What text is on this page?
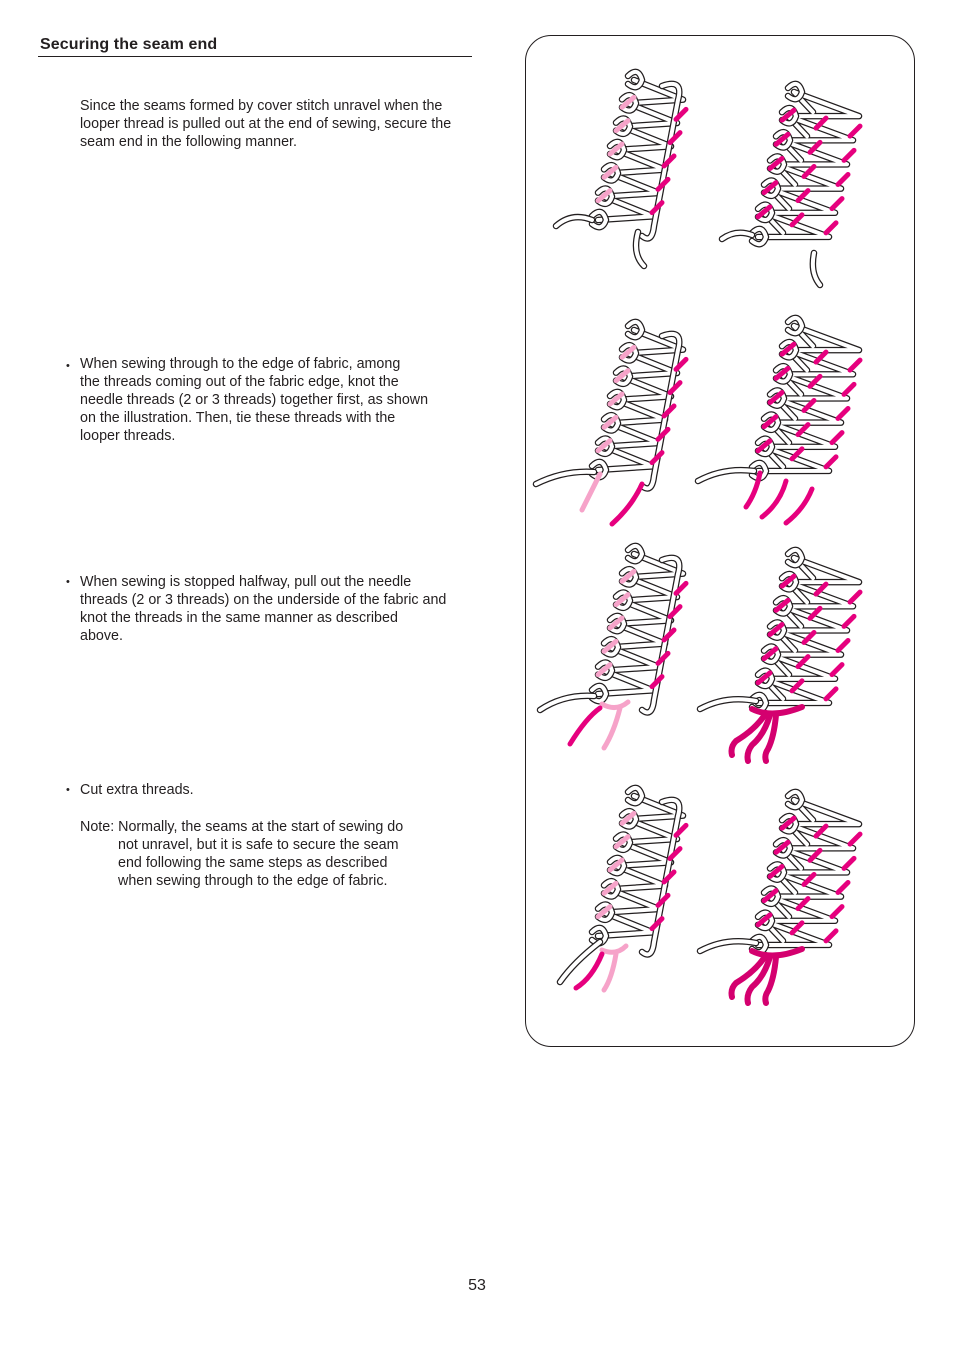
Securing the seam end
Since the seams formed by cover stitch unravel when the
looper thread is pulled out at the end of sewing, secure the
seam end in the following manner.
• When sewing through to the edge of fabric, among
the threads coming out of the fabric edge, knot the
needle threads (2 or 3 threads) together first, as shown
on the illustration. Then, tie these threads with the
looper threads.
• When sewing is stopped halfway, pull out the needle
threads (2 or 3 threads) on the underside of the fabric and
knot the threads in the same manner as described
above.
• Cut extra threads.
Note: Normally, the seams at the start of sewing do
not unravel, but it is safe to secure the seam
end following the same steps as described
when sewing through to the edge of fabric.
53
